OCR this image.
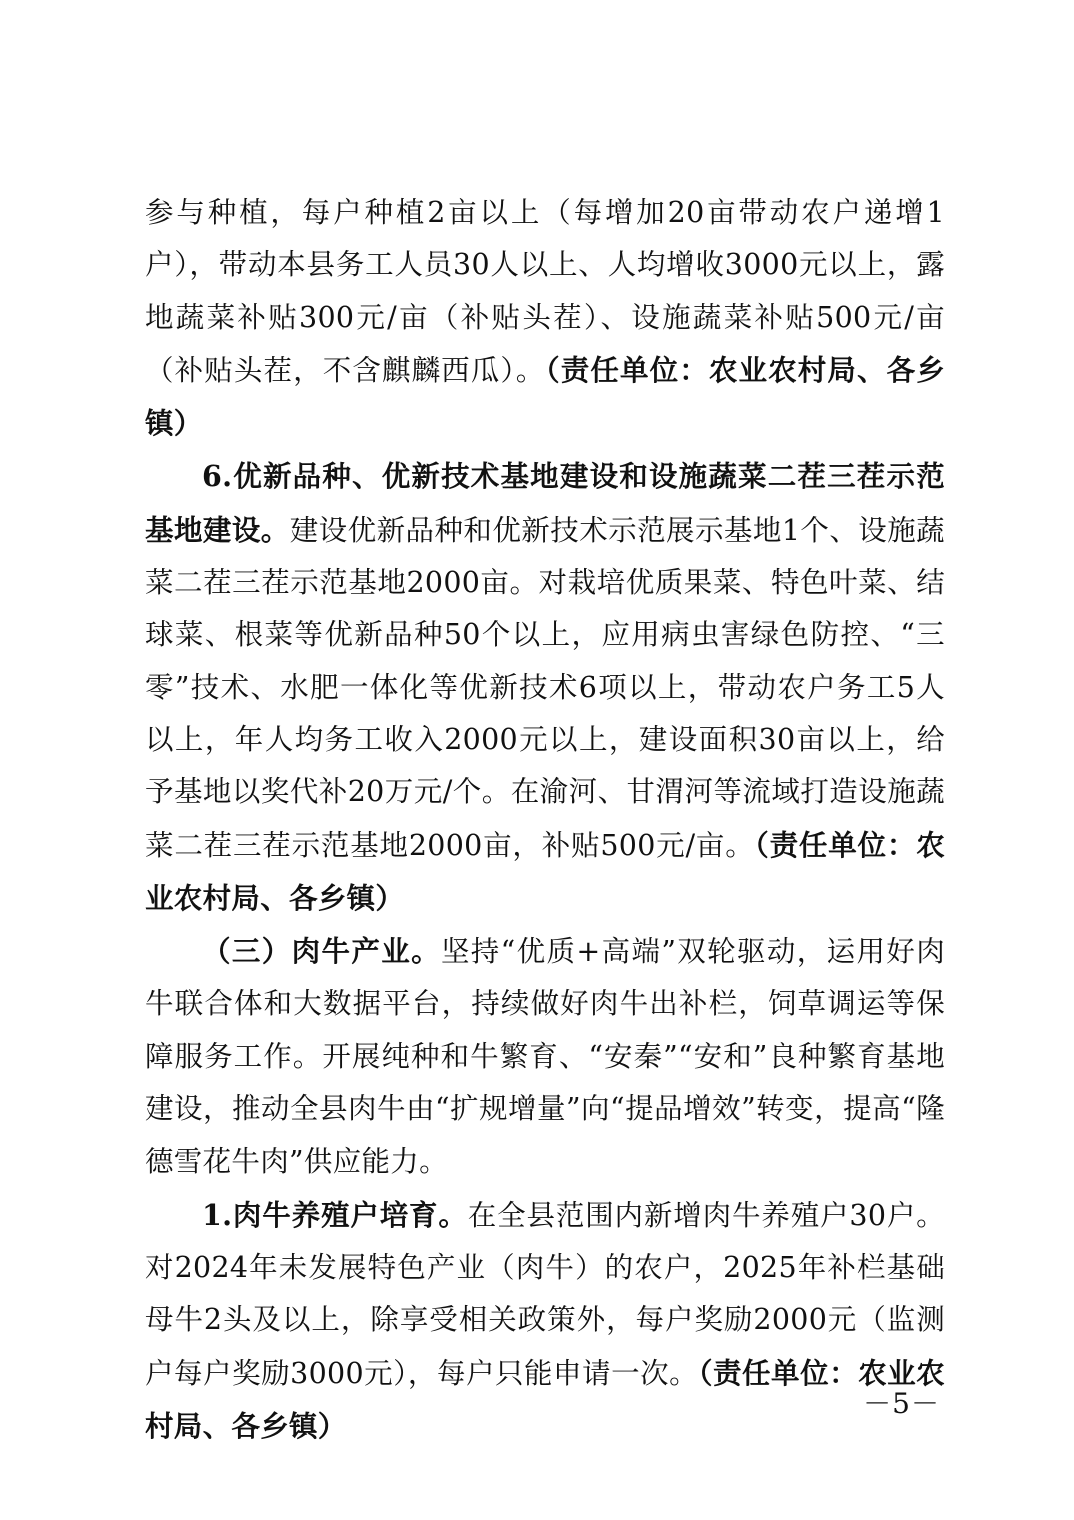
参与种植，每户种植2亩以上（每增加20亩带动农户递增1户），带动本县务工人员30人以上、人均增收3000元以上，露地蔬菜补贴300元/亩（补贴头茬）、设施蔬菜补贴500元/亩（补贴头茬，不含麒麟西瓜）。（责任单位：农业农村局、各乡镇）

6.优新品种、优新技术基地建设和设施蔬菜二茬三茬示范基地建设。建设优新品种和优新技术示范展示基地1个、设施蔬菜二茬三茬示范基地2000亩。对栽培优质果菜、特色叶菜、结球菜、根菜等优新品种50个以上，应用病虫害绿色防控、“三零”技术、水肥一体化等优新技术6项以上，带动农户务工5人以上，年人均务工收入2000元以上，建设面积30亩以上，给予基地以奖代补20万元/个。在渝河、甘渭河等流域打造设施蔬菜二茬三茬示范基地2000亩，补贴500元/亩。（责任单位：农业农村局、各乡镇）

（三）肉牛产业。坚持“优质+高端”双轮驱动，运用好肉牛联合体和大数据平台，持续做好肉牛出补栏，饲草调运等保障服务工作。开展纯种和牛繁育、“安秦”“安和”良种繁育基地建设，推动全县肉牛由“扩规增量”向“提品增效”转变，提高“隆德雪花牛肉”供应能力。

1.肉牛养殖户培育。在全县范围内新增肉牛养殖户30户。对2024年未发展特色产业（肉牛）的农户，2025年补栏基础母牛2头及以上，除享受相关政策外，每户奖励2000元（监测户每户奖励3000元），每户只能申请一次。（责任单位：农业农村局、各乡镇）

－5－
